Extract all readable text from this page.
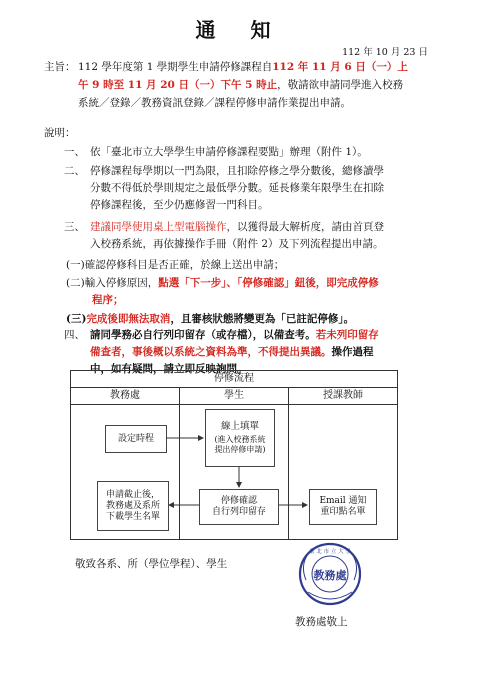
通 知
112 年 10 月 23 日
主旨： 112 學年度第 1 學期學生申請停修課程自112 年 11 月 6 日（一）上
午 9 時至 11 月 20 日（一）下午 5 時止，敬請欲申請同學進入校務
系統／登錄／教務資訊登錄／課程停修申請作業提出申請。
說明：
一、 依「臺北市立大學學生申請停修課程要點」辦理（附件 1）。
二、 停修課程每學期以一門為限，且扣除停修之學分數後，總修讀學
分數不得低於學則規定之最低學分數。延長修業年限學生在扣除
停修課程後，至少仍應修習一門科目。
三、 建議同學使用桌上型電腦操作，以獲得最大解析度，請由首頁登
入校務系統，再依據操作手冊（附件 2）及下列流程提出申請。
(一)確認停修科目是否正確，於線上送出申請；
(二)輸入停修原因，點選「下一步」、「停修確認」鈕後，即完成停修
程序；
(三)完成後即無法取消，且審核狀態將變更為「已註記停修」。
四、 請同學務必自行列印留存（或存檔），以備查考。若未列印留存
備查者，事後概以系統之資料為準，不得提出異議。操作過程
中，如有疑問，請立即反映詢問。
停修流程
教務處	學生	授課教師
設定時程
線上填單
(進入校務系統
提出停修申請)
停修確認
自行列印留存
Email 通知
重印點名單
申請截止後，
教務處及系所
下載學生名單
敬致各系、所（學位學程）、學生
臺 北 市 立 大 學
教務處
教務處敬上
